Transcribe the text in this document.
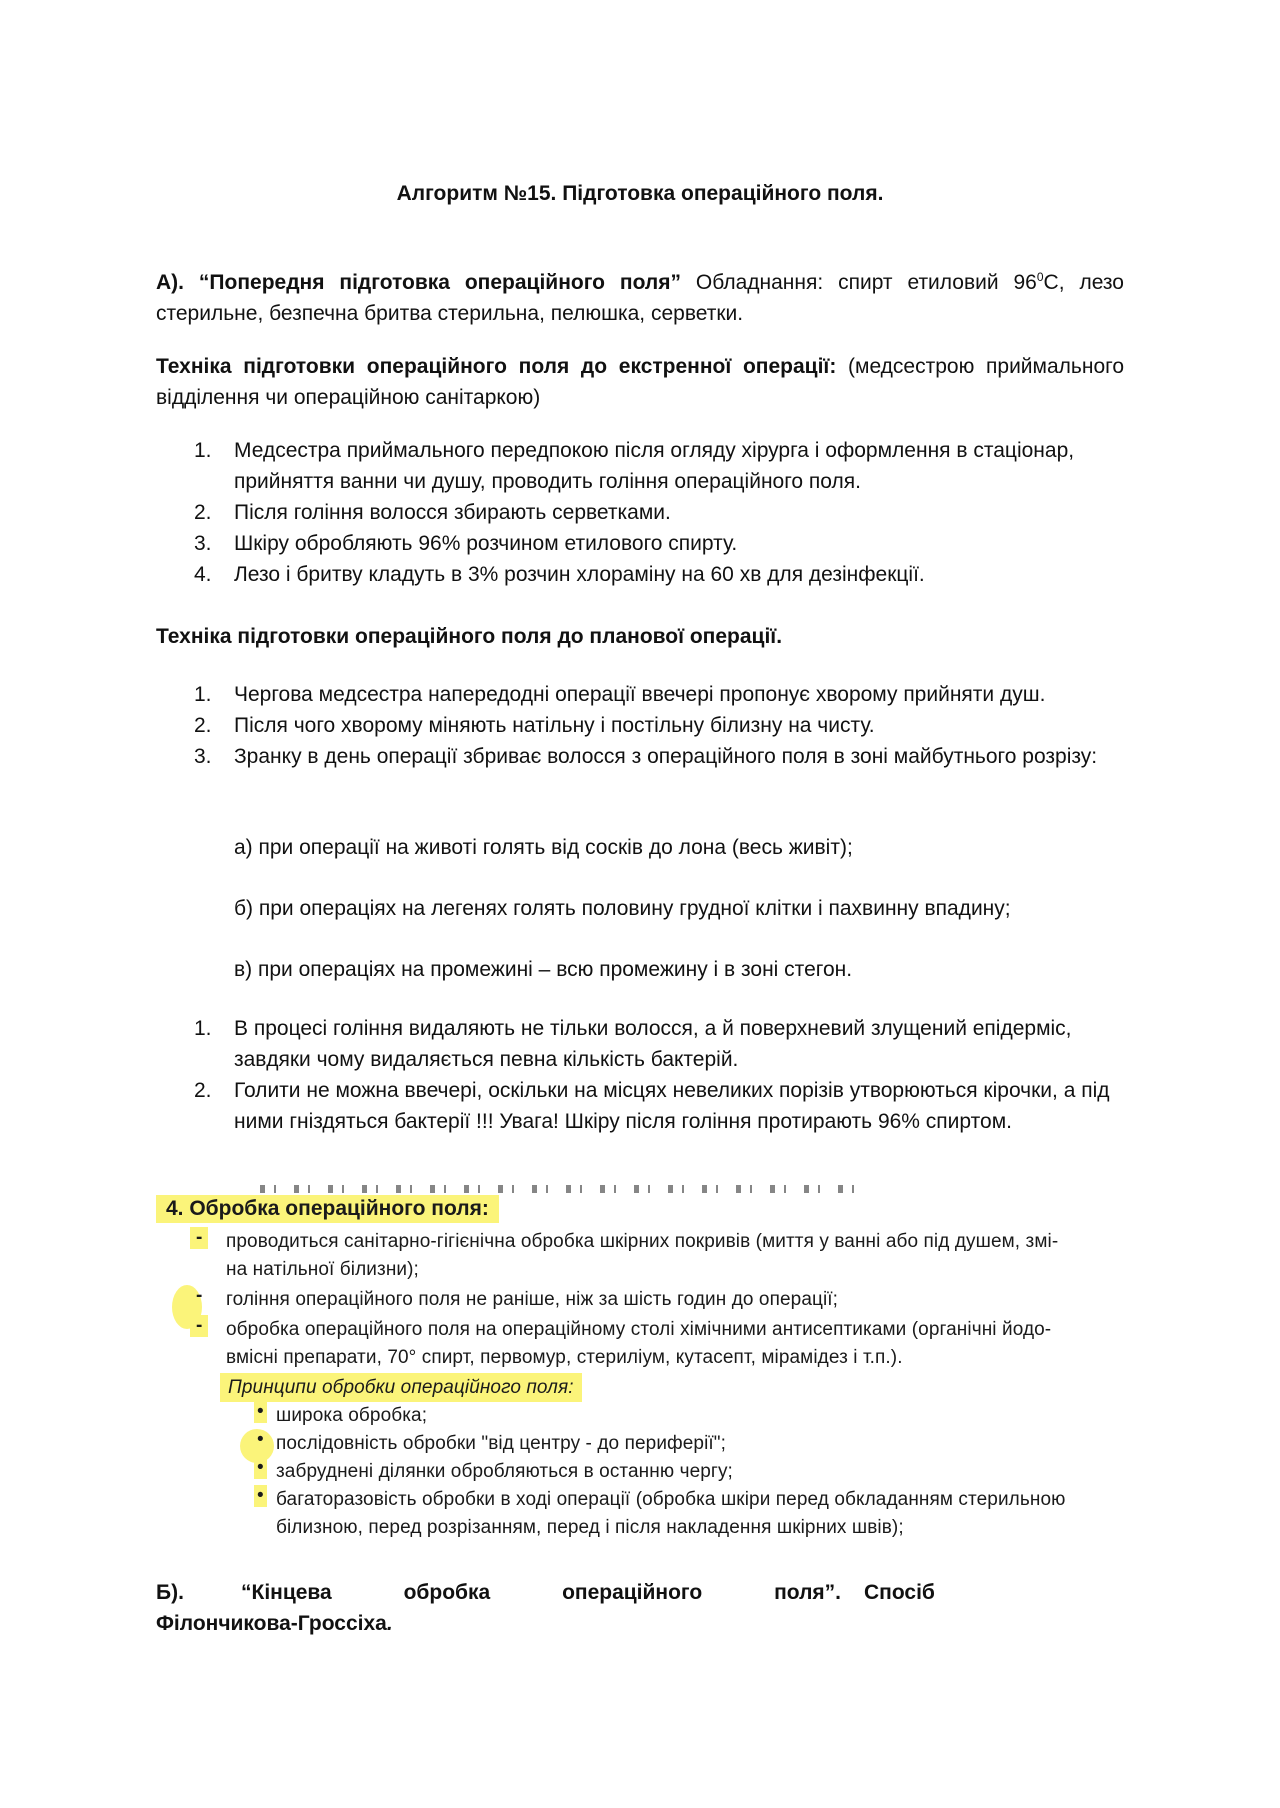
Алгоритм №15. Підготовка операційного поля.
А). “Попередня підготовка операційного поля” Обладнання: спирт етиловий $96^0С$, лезо стерильне, безпечна бритва стерильна, пелюшка, серветки.
Техніка підготовки операційного поля до екстренної операції: (медсестрою приймального відділення чи операційною санітаркою)
1. Медсестра приймального передпокою після огляду хірурга і оформлення в стаціонар, прийняття ванни чи душу, проводить гоління операційного поля.
2. Після гоління волосся збирають серветками.
3. Шкіру обробляють 96% розчином етилового спирту.
4. Лезо і бритву кладуть в 3% розчин хлораміну на 60 хв для дезінфекції.
Техніка підготовки операційного поля до планової операції.
1. Чергова медсестра напередодні операції ввечері пропонує хворому прийняти душ.
2. Після чого хворому міняють натільну і постільну білизну на чисту.
3. Зранку в день операції збриває волосся з операційного поля в зоні майбутнього розрізу:
а) при операції на животі голять від сосків до лона (весь живіт);
б) при операціях на легенях голять половину грудної клітки і пахвинну впадину;
в) при операціях на промежині – всю промежину і в зоні стегон.
1. В процесі гоління видаляють не тільки волосся, а й поверхневий злущений епідерміс, завдяки чому видаляється певна кількість бактерій.
2. Голити не можна ввечері, оскільки на місцях невеликих порізів утворюються кірочки, а під ними гніздяться бактерії !!! Увага! Шкіру після гоління протирають 96% спиртом.
4. Обробка операційного поля:
-	проводиться санітарно-гігієнічна обробка шкірних покривів (миття у ванні або під душем, змі-
на натільної білизни);
-	гоління операційного поля не раніше, ніж за шість годин до операції;
-	обробка операційного поля на операційному столі хімічними антисептиками (органічні йодо-
вмісні препарати, 70° спирт, первомур, стериліум, кутасепт, мірамідез і т.п.).
Принципи обробки операційного поля:
• широка обробка;
• послідовність обробки "від центру - до периферії";
• забруднені ділянки обробляються в останню чергу;
• багаторазовість обробки в ході операції (обробка шкіри перед обкладанням стерильною
білизною, перед розрізанням, перед і після накладення шкірних швів);
Б).	“Кінцева	обробка	операційного	поля”. Спосіб
Філончикова-Гроссіха.
